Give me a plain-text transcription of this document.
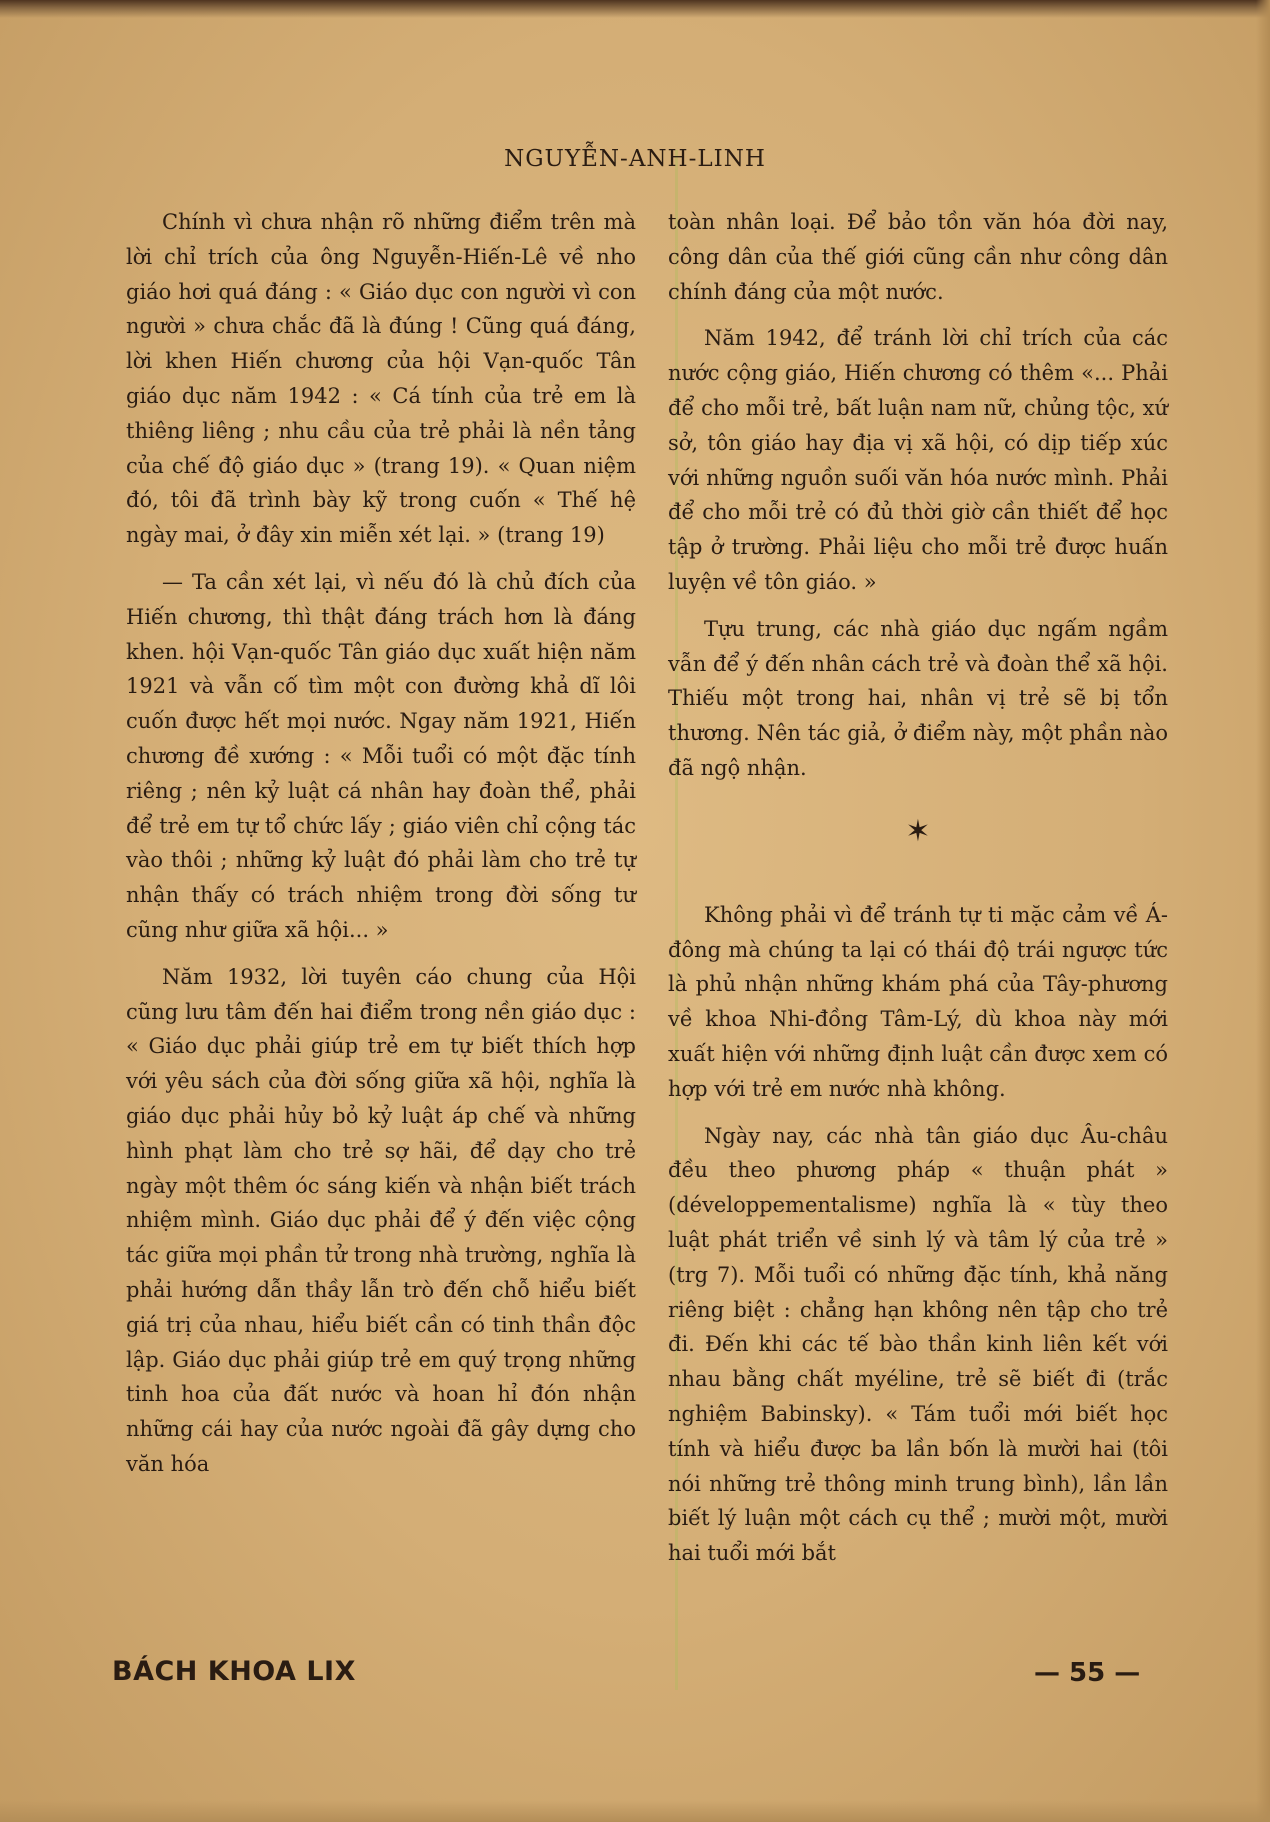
NGUYỄN-ANH-LINH

Chính vì chưa nhận rõ những điểm trên mà lời chỉ trích của ông Nguyễn-Hiến-Lê về nho giáo hơi quá đáng : « Giáo dục con người vì con người » chưa chắc đã là đúng ! Cũng quá đáng, lời khen Hiến chương của hội Vạn-quốc Tân giáo dục năm 1942 : « Cá tính của trẻ em là thiêng liêng ; nhu cầu của trẻ phải là nền tảng của chế độ giáo dục » (trang 19). « Quan niệm đó, tôi đã trình bày kỹ trong cuốn « Thế hệ ngày mai, ở đây xin miễn xét lại. » (trang 19)

— Ta cần xét lại, vì nếu đó là chủ đích của Hiến chương, thì thật đáng trách hơn là đáng khen. hội Vạn-quốc Tân giáo dục xuất hiện năm 1921 và vẫn cố tìm một con đường khả dĩ lôi cuốn được hết mọi nước. Ngay năm 1921, Hiến chương đề xướng : « Mỗi tuổi có một đặc tính riêng ; nên kỷ luật cá nhân hay đoàn thể, phải để trẻ em tự tổ chức lấy ; giáo viên chỉ cộng tác vào thôi ; những kỷ luật đó phải làm cho trẻ tự nhận thấy có trách nhiệm trong đời sống tư cũng như giữa xã hội... »

Năm 1932, lời tuyên cáo chung của Hội cũng lưu tâm đến hai điểm trong nền giáo dục : « Giáo dục phải giúp trẻ em tự biết thích hợp với yêu sách của đời sống giữa xã hội, nghĩa là giáo dục phải hủy bỏ kỷ luật áp chế và những hình phạt làm cho trẻ sợ hãi, để dạy cho trẻ ngày một thêm óc sáng kiến và nhận biết trách nhiệm mình. Giáo dục phải để ý đến việc cộng tác giữa mọi phần tử trong nhà trường, nghĩa là phải hướng dẫn thầy lẫn trò đến chỗ hiểu biết giá trị của nhau, hiểu biết cần có tinh thần độc lập. Giáo dục phải giúp trẻ em quý trọng những tinh hoa của đất nước và hoan hỉ đón nhận những cái hay của nước ngoài đã gây dựng cho văn hóa

toàn nhân loại. Để bảo tồn văn hóa đời nay, công dân của thế giới cũng cần như công dân chính đáng của một nước.

Năm 1942, để tránh lời chỉ trích của các nước cộng giáo, Hiến chương có thêm «... Phải để cho mỗi trẻ, bất luận nam nữ, chủng tộc, xứ sở, tôn giáo hay địa vị xã hội, có dịp tiếp xúc với những nguồn suối văn hóa nước mình. Phải để cho mỗi trẻ có đủ thời giờ cần thiết để học tập ở trường. Phải liệu cho mỗi trẻ được huấn luyện về tôn giáo. »

Tựu trung, các nhà giáo dục ngấm ngầm vẫn để ý đến nhân cách trẻ và đoàn thể xã hội. Thiếu một trong hai, nhân vị trẻ sẽ bị tổn thương. Nên tác giả, ở điểm này, một phần nào đã ngộ nhận.

✶

Không phải vì để tránh tự ti mặc cảm về Á-đông mà chúng ta lại có thái độ trái ngược tức là phủ nhận những khám phá của Tây-phương về khoa Nhi-đồng Tâm-Lý, dù khoa này mới xuất hiện với những định luật cần được xem có hợp với trẻ em nước nhà không.

Ngày nay, các nhà tân giáo dục Âu-châu đều theo phương pháp « thuận phát » (développementalisme) nghĩa là « tùy theo luật phát triển về sinh lý và tâm lý của trẻ » (trg 7). Mỗi tuổi có những đặc tính, khả năng riêng biệt : chẳng hạn không nên tập cho trẻ đi. Đến khi các tế bào thần kinh liên kết với nhau bằng chất myéline, trẻ sẽ biết đi (trắc nghiệm Babinsky). « Tám tuổi mới biết học tính và hiểu được ba lần bốn là mười hai (tôi nói những trẻ thông minh trung bình), lần lần biết lý luận một cách cụ thể ; mười một, mười hai tuổi mới bắt

BÁCH KHOA LIX	— 55 —
